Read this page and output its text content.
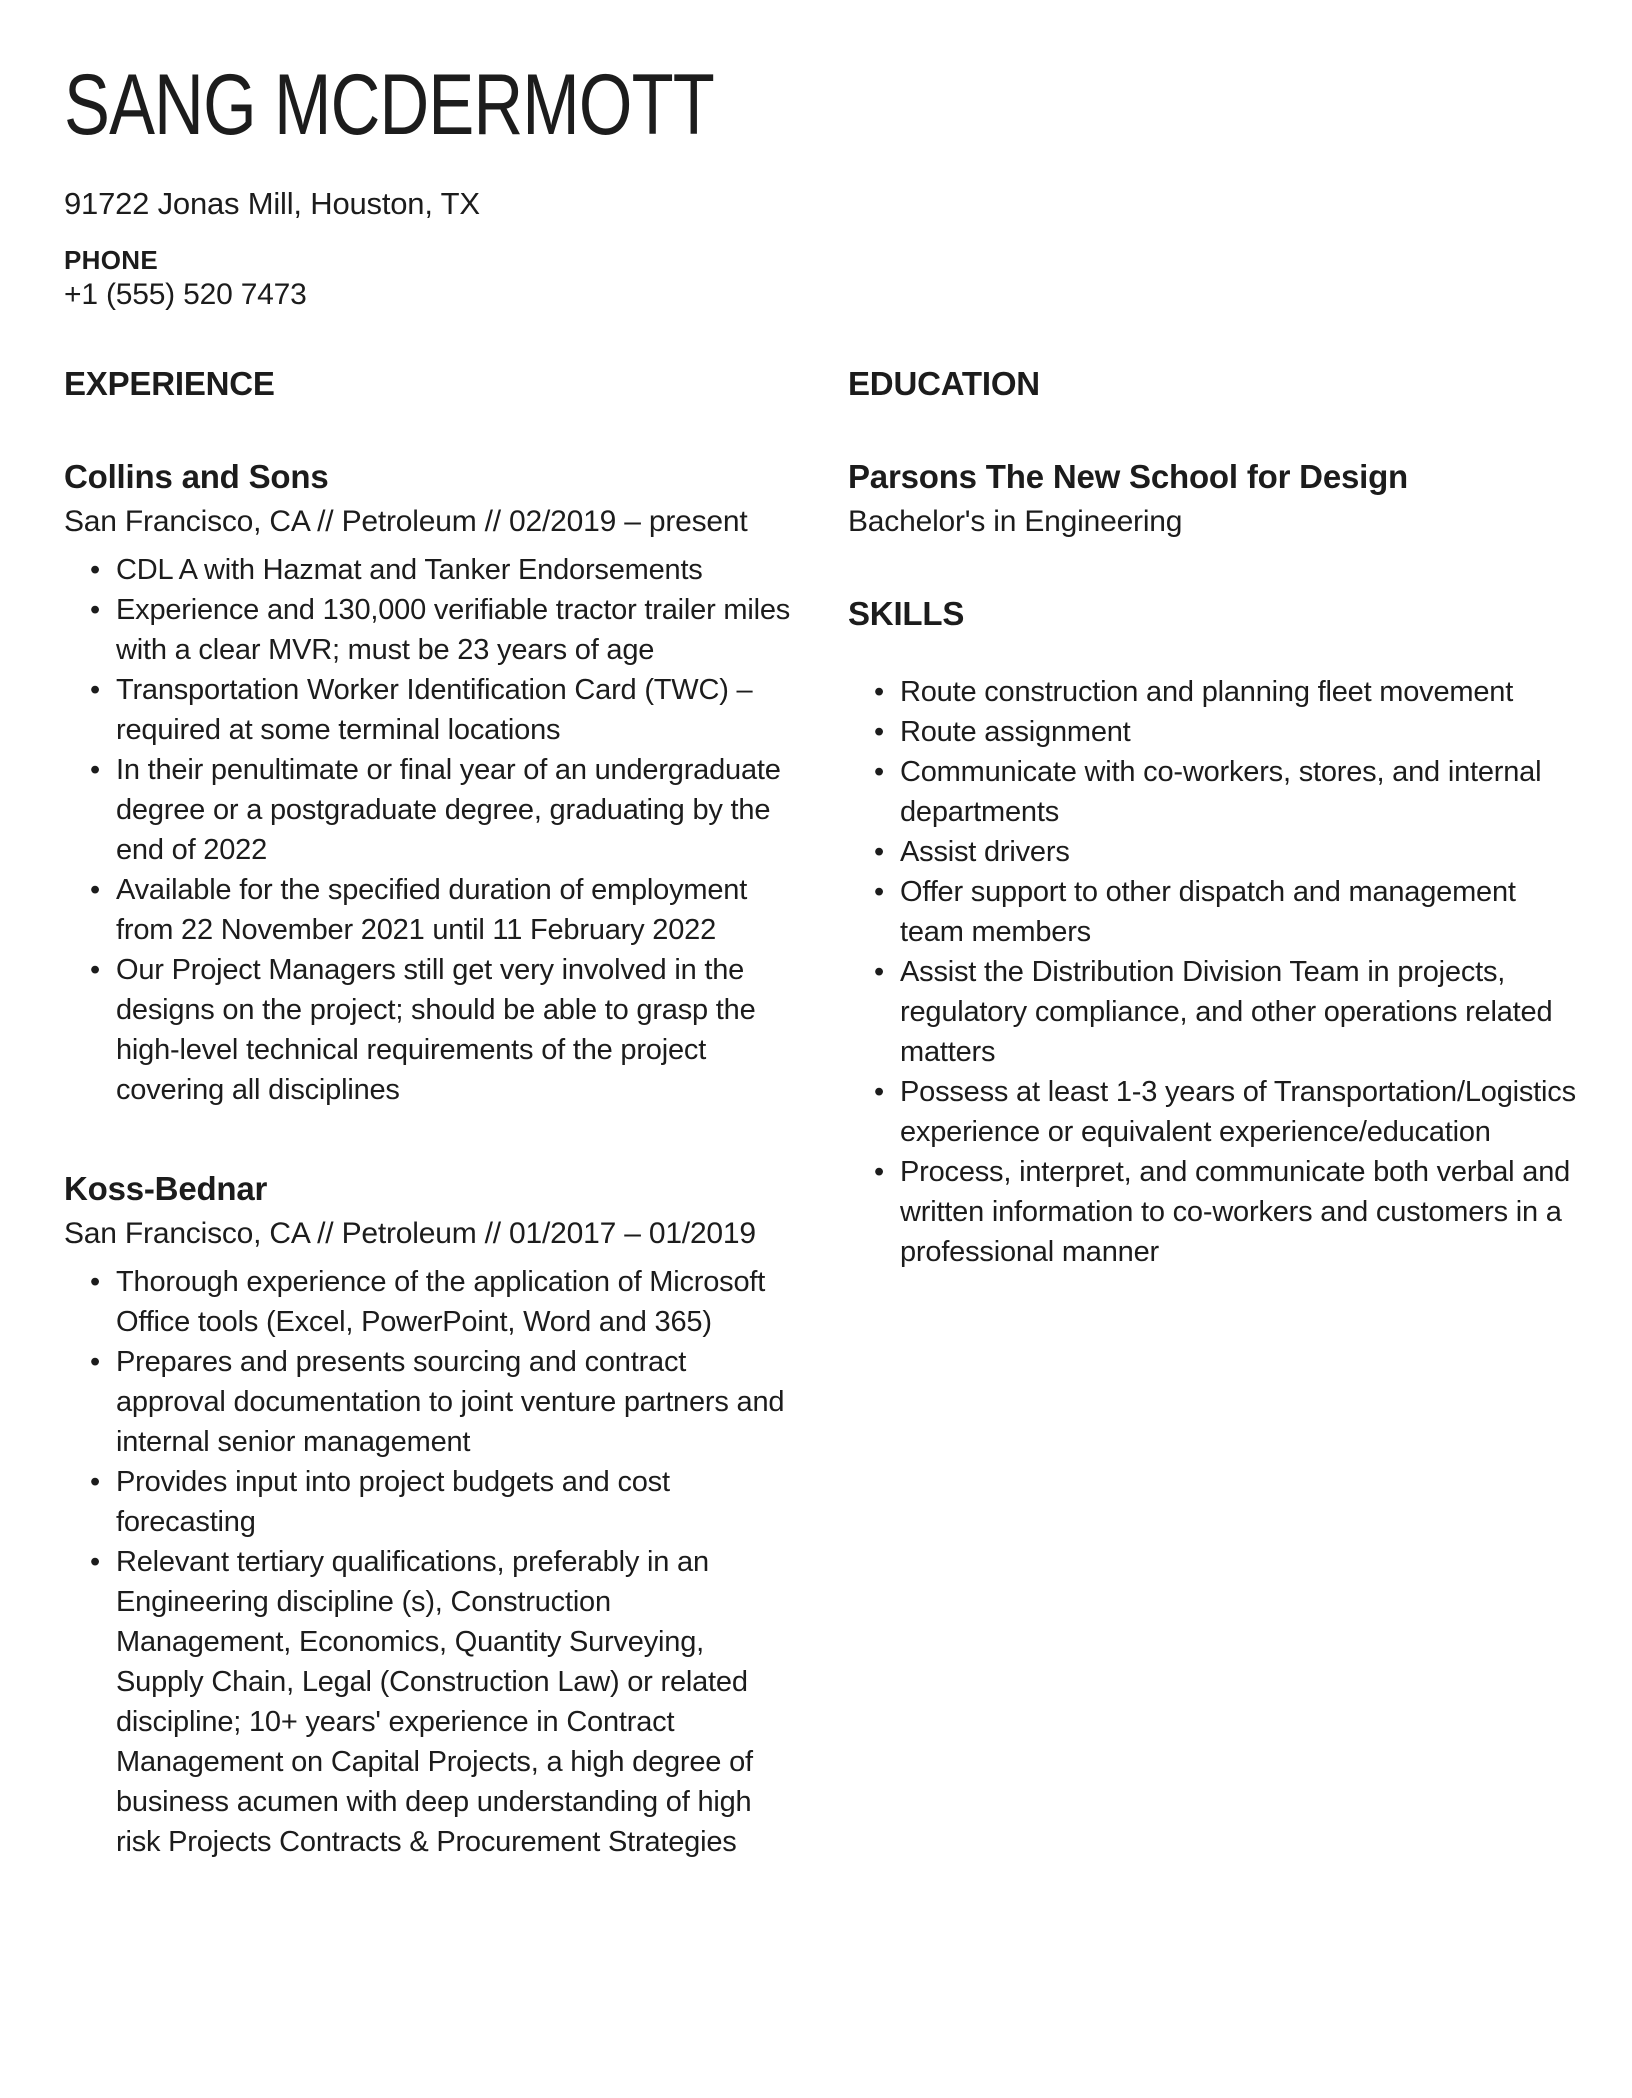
SANG MCDERMOTT

91722 Jonas Mill, Houston, TX

PHONE

+1 (555) 520 7473

EXPERIENCE
Collins and Sons

San Francisco, CA // Petroleum // 02/2019 – present

• CDL A with Hazmat and Tanker Endorsements
• Experience and 130,000 verifiable tractor trailer miles with a clear MVR; must be 23 years of age
• Transportation Worker Identification Card (TWC) – required at some terminal locations
• In their penultimate or final year of an undergraduate degree or a postgraduate degree, graduating by the end of 2022
• Available for the specified duration of employment from 22 November 2021 until 11 February 2022
• Our Project Managers still get very involved in the designs on the project; should be able to grasp the high-level technical requirements of the project covering all disciplines
Koss-Bednar

San Francisco, CA // Petroleum // 01/2017 – 01/2019

• Thorough experience of the application of Microsoft Office tools (Excel, PowerPoint, Word and 365)
• Prepares and presents sourcing and contract approval documentation to joint venture partners and internal senior management
• Provides input into project budgets and cost forecasting
• Relevant tertiary qualifications, preferably in an Engineering discipline (s), Construction Management, Economics, Quantity Surveying, Supply Chain, Legal (Construction Law) or related discipline; 10+ years' experience in Contract Management on Capital Projects, a high degree of business acumen with deep understanding of high risk Projects Contracts & Procurement Strategies
EDUCATION
Parsons The New School for Design

Bachelor's in Engineering

SKILLS
• Route construction and planning fleet movement
• Route assignment
• Communicate with co-workers, stores, and internal departments
• Assist drivers
• Offer support to other dispatch and management team members
• Assist the Distribution Division Team in projects, regulatory compliance, and other operations related matters
• Possess at least 1-3 years of Transportation/Logistics experience or equivalent experience/education
• Process, interpret, and communicate both verbal and written information to co-workers and customers in a professional manner
